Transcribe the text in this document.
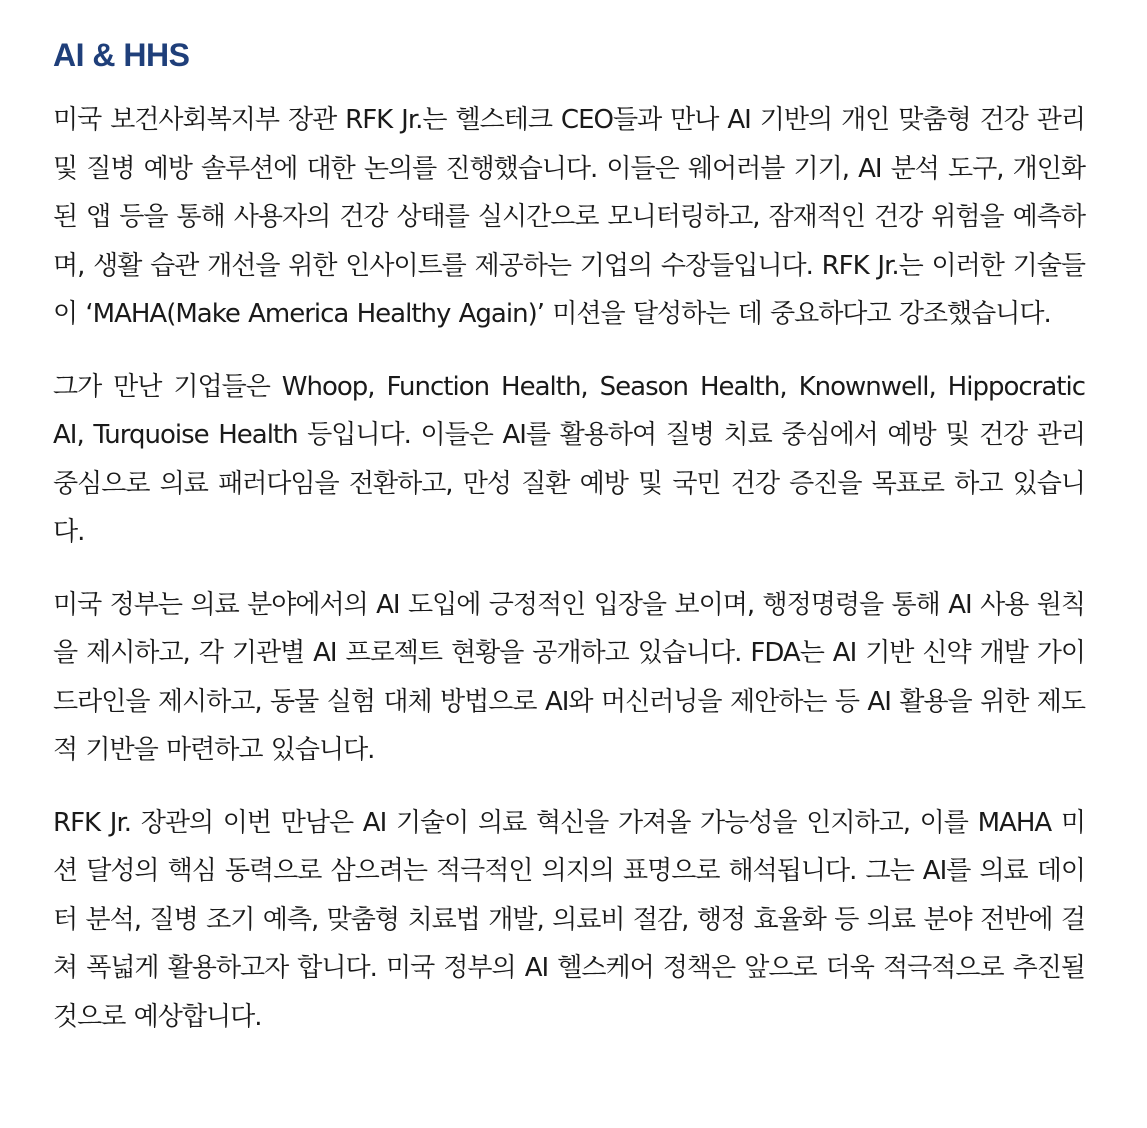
AI & HHS

미국 보건사회복지부 장관 RFK Jr.는 헬스테크 CEO들과 만나 AI 기반의 개인 맞춤형 건강 관리 및 질병 예방 솔루션에 대한 논의를 진행했습니다. 이들은 웨어러블 기기, AI 분석 도구, 개인화된 앱 등을 통해 사용자의 건강 상태를 실시간으로 모니터링하고, 잠재적인 건강 위험을 예측하며, 생활 습관 개선을 위한 인사이트를 제공하는 기업의 수장들입니다. RFK Jr.는 이러한 기술들이 ‘MAHA(Make America Healthy Again)’ 미션을 달성하는 데 중요하다고 강조했습니다.

그가 만난 기업들은 Whoop, Function Health, Season Health, Knownwell, Hippocratic AI, Turquoise Health 등입니다. 이들은 AI를 활용하여 질병 치료 중심에서 예방 및 건강 관리 중심으로 의료 패러다임을 전환하고, 만성 질환 예방 및 국민 건강 증진을 목표로 하고 있습니다.

미국 정부는 의료 분야에서의 AI 도입에 긍정적인 입장을 보이며, 행정명령을 통해 AI 사용 원칙을 제시하고, 각 기관별 AI 프로젝트 현황을 공개하고 있습니다. FDA는 AI 기반 신약 개발 가이드라인을 제시하고, 동물 실험 대체 방법으로 AI와 머신러닝을 제안하는 등 AI 활용을 위한 제도적 기반을 마련하고 있습니다.

RFK Jr. 장관의 이번 만남은 AI 기술이 의료 혁신을 가져올 가능성을 인지하고, 이를 MAHA 미션 달성의 핵심 동력으로 삼으려는 적극적인 의지의 표명으로 해석됩니다. 그는 AI를 의료 데이터 분석, 질병 조기 예측, 맞춤형 치료법 개발, 의료비 절감, 행정 효율화 등 의료 분야 전반에 걸쳐 폭넓게 활용하고자 합니다. 미국 정부의 AI 헬스케어 정책은 앞으로 더욱 적극적으로 추진될 것으로 예상합니다.
